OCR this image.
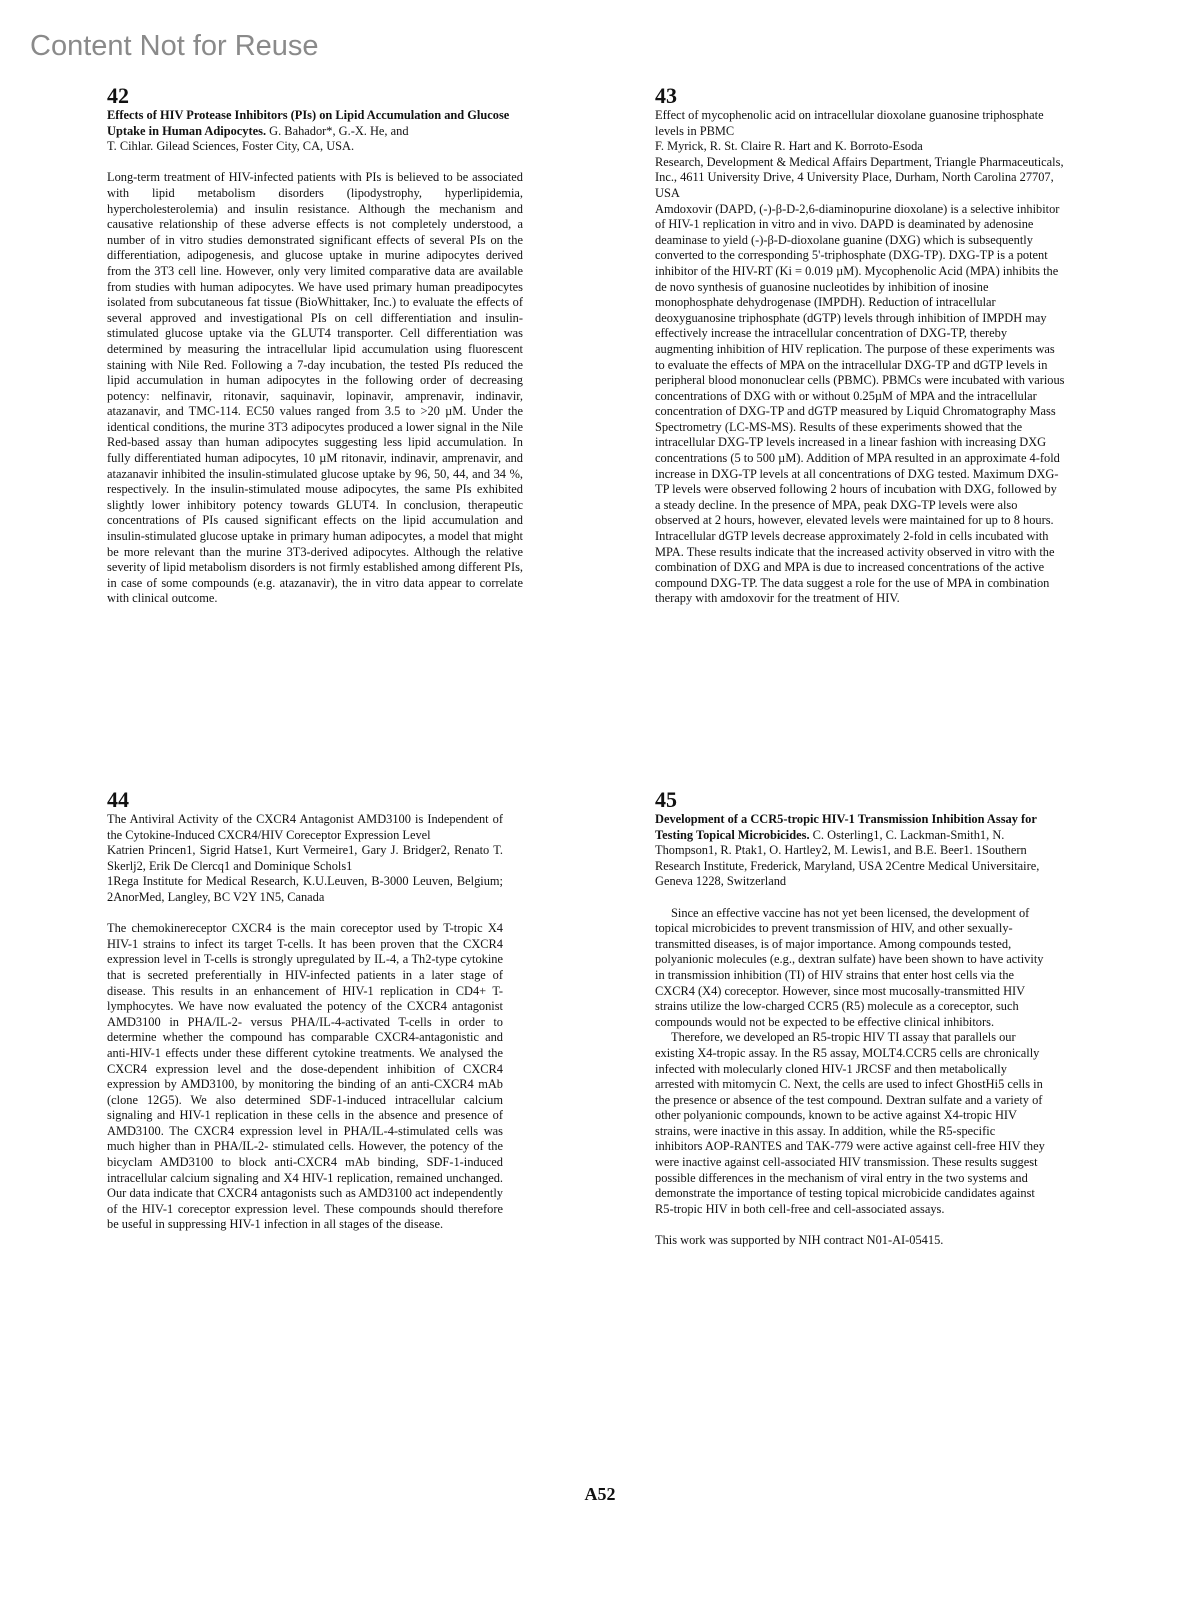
Content Not for Reuse

42

Effects of HIV Protease Inhibitors (PIs) on Lipid Accumulation and Glucose Uptake in Human Adipocytes. G. Bahador*, G.-X. He, and

T. Cihlar. Gilead Sciences, Foster City, CA, USA.

Long-term treatment of HIV-infected patients with PIs is believed to be associated with lipid metabolism disorders (lipodystrophy, hyperlipidemia, hypercholesterolemia) and insulin resistance. Although the mechanism and causative relationship of these adverse effects is not completely understood, a number of in vitro studies demonstrated significant effects of several PIs on the differentiation, adipogenesis, and glucose uptake in murine adipocytes derived from the 3T3 cell line. However, only very limited comparative data are available from studies with human adipocytes. We have used primary human preadipocytes isolated from subcutaneous fat tissue (BioWhittaker, Inc.) to evaluate the effects of several approved and investigational PIs on cell differentiation and insulin-stimulated glucose uptake via the GLUT4 transporter. Cell differentiation was determined by measuring the intracellular lipid accumulation using fluorescent staining with Nile Red. Following a 7-day incubation, the tested PIs reduced the lipid accumulation in human adipocytes in the following order of decreasing potency: nelfinavir, ritonavir, saquinavir, lopinavir, amprenavir, indinavir, atazanavir, and TMC-114. EC50 values ranged from 3.5 to >20 µM. Under the identical conditions, the murine 3T3 adipocytes produced a lower signal in the Nile Red-based assay than human adipocytes suggesting less lipid accumulation. In fully differentiated human adipocytes, 10 µM ritonavir, indinavir, amprenavir, and atazanavir inhibited the insulin-stimulated glucose uptake by 96, 50, 44, and 34 %, respectively. In the insulin-stimulated mouse adipocytes, the same PIs exhibited slightly lower inhibitory potency towards GLUT4. In conclusion, therapeutic concentrations of PIs caused significant effects on the lipid accumulation and insulin-stimulated glucose uptake in primary human adipocytes, a model that might be more relevant than the murine 3T3-derived adipocytes. Although the relative severity of lipid metabolism disorders is not firmly established among different PIs, in case of some compounds (e.g. atazanavir), the in vitro data appear to correlate with clinical outcome.

43

Effect of mycophenolic acid on intracellular dioxolane guanosine triphosphate levels in PBMC

F. Myrick, R. St. Claire R. Hart and K. Borroto-Esoda

Research, Development & Medical Affairs Department, Triangle Pharmaceuticals, Inc., 4611 University Drive, 4 University Place, Durham, North Carolina 27707, USA

Amdoxovir (DAPD, (-)-β-D-2,6-diaminopurine dioxolane) is a selective inhibitor of HIV-1 replication in vitro and in vivo. DAPD is deaminated by adenosine deaminase to yield (-)-β-D-dioxolane guanine (DXG) which is subsequently converted to the corresponding 5'-triphosphate (DXG-TP). DXG-TP is a potent inhibitor of the HIV-RT (Ki = 0.019 µM). Mycophenolic Acid (MPA) inhibits the de novo synthesis of guanosine nucleotides by inhibition of inosine monophosphate dehydrogenase (IMPDH). Reduction of intracellular deoxyguanosine triphosphate (dGTP) levels through inhibition of IMPDH may effectively increase the intracellular concentration of DXG-TP, thereby augmenting inhibition of HIV replication. The purpose of these experiments was to evaluate the effects of MPA on the intracellular DXG-TP and dGTP levels in peripheral blood mononuclear cells (PBMC). PBMCs were incubated with various concentrations of DXG with or without 0.25µM of MPA and the intracellular concentration of DXG-TP and dGTP measured by Liquid Chromatography Mass Spectrometry (LC-MS-MS). Results of these experiments showed that the intracellular DXG-TP levels increased in a linear fashion with increasing DXG concentrations (5 to 500 µM). Addition of MPA resulted in an approximate 4-fold increase in DXG-TP levels at all concentrations of DXG tested. Maximum DXG-TP levels were observed following 2 hours of incubation with DXG, followed by a steady decline. In the presence of MPA, peak DXG-TP levels were also observed at 2 hours, however, elevated levels were maintained for up to 8 hours. Intracellular dGTP levels decrease approximately 2-fold in cells incubated with MPA. These results indicate that the increased activity observed in vitro with the combination of DXG and MPA is due to increased concentrations of the active compound DXG-TP. The data suggest a role for the use of MPA in combination therapy with amdoxovir for the treatment of HIV.

44

The Antiviral Activity of the CXCR4 Antagonist AMD3100 is Independent of the Cytokine-Induced CXCR4/HIV Coreceptor Expression Level

Katrien Princen1, Sigrid Hatse1, Kurt Vermeire1, Gary J. Bridger2, Renato T. Skerlj2, Erik De Clercq1 and Dominique Schols1

1Rega Institute for Medical Research, K.U.Leuven, B-3000 Leuven, Belgium; 2AnorMed, Langley, BC V2Y 1N5, Canada

The chemokinereceptor CXCR4 is the main coreceptor used by T-tropic X4 HIV-1 strains to infect its target T-cells. It has been proven that the CXCR4 expression level in T-cells is strongly upregulated by IL-4, a Th2-type cytokine that is secreted preferentially in HIV-infected patients in a later stage of disease. This results in an enhancement of HIV-1 replication in CD4+ T-lymphocytes. We have now evaluated the potency of the CXCR4 antagonist AMD3100 in PHA/IL-2- versus PHA/IL-4-activated T-cells in order to determine whether the compound has comparable CXCR4-antagonistic and anti-HIV-1 effects under these different cytokine treatments. We analysed the CXCR4 expression level and the dose-dependent inhibition of CXCR4 expression by AMD3100, by monitoring the binding of an anti-CXCR4 mAb (clone 12G5). We also determined SDF-1-induced intracellular calcium signaling and HIV-1 replication in these cells in the absence and presence of AMD3100. The CXCR4 expression level in PHA/IL-4-stimulated cells was much higher than in PHA/IL-2- stimulated cells. However, the potency of the bicyclam AMD3100 to block anti-CXCR4 mAb binding, SDF-1-induced intracellular calcium signaling and X4 HIV-1 replication, remained unchanged. Our data indicate that CXCR4 antagonists such as AMD3100 act independently of the HIV-1 coreceptor expression level. These compounds should therefore be useful in suppressing HIV-1 infection in all stages of the disease.

45

Development of a CCR5-tropic HIV-1 Transmission Inhibition Assay for Testing Topical Microbicides. C. Osterling1, C. Lackman-Smith1, N. Thompson1, R. Ptak1, O. Hartley2, M. Lewis1, and B.E. Beer1. 1Southern Research Institute, Frederick, Maryland, USA 2Centre Medical Universitaire, Geneva 1228, Switzerland

Since an effective vaccine has not yet been licensed, the development of topical microbicides to prevent transmission of HIV, and other sexually-transmitted diseases, is of major importance. Among compounds tested, polyanionic molecules (e.g., dextran sulfate) have been shown to have activity in transmission inhibition (TI) of HIV strains that enter host cells via the CXCR4 (X4) coreceptor. However, since most mucosally-transmitted HIV strains utilize the low-charged CCR5 (R5) molecule as a coreceptor, such compounds would not be expected to be effective clinical inhibitors.

Therefore, we developed an R5-tropic HIV TI assay that parallels our existing X4-tropic assay. In the R5 assay, MOLT4.CCR5 cells are chronically infected with molecularly cloned HIV-1 JRCSF and then metabolically arrested with mitomycin C. Next, the cells are used to infect GhostHi5 cells in the presence or absence of the test compound. Dextran sulfate and a variety of other polyanionic compounds, known to be active against X4-tropic HIV strains, were inactive in this assay. In addition, while the R5-specific inhibitors AOP-RANTES and TAK-779 were active against cell-free HIV they were inactive against cell-associated HIV transmission. These results suggest possible differences in the mechanism of viral entry in the two systems and demonstrate the importance of testing topical microbicide candidates against R5-tropic HIV in both cell-free and cell-associated assays.

This work was supported by NIH contract N01-AI-05415.

A52
